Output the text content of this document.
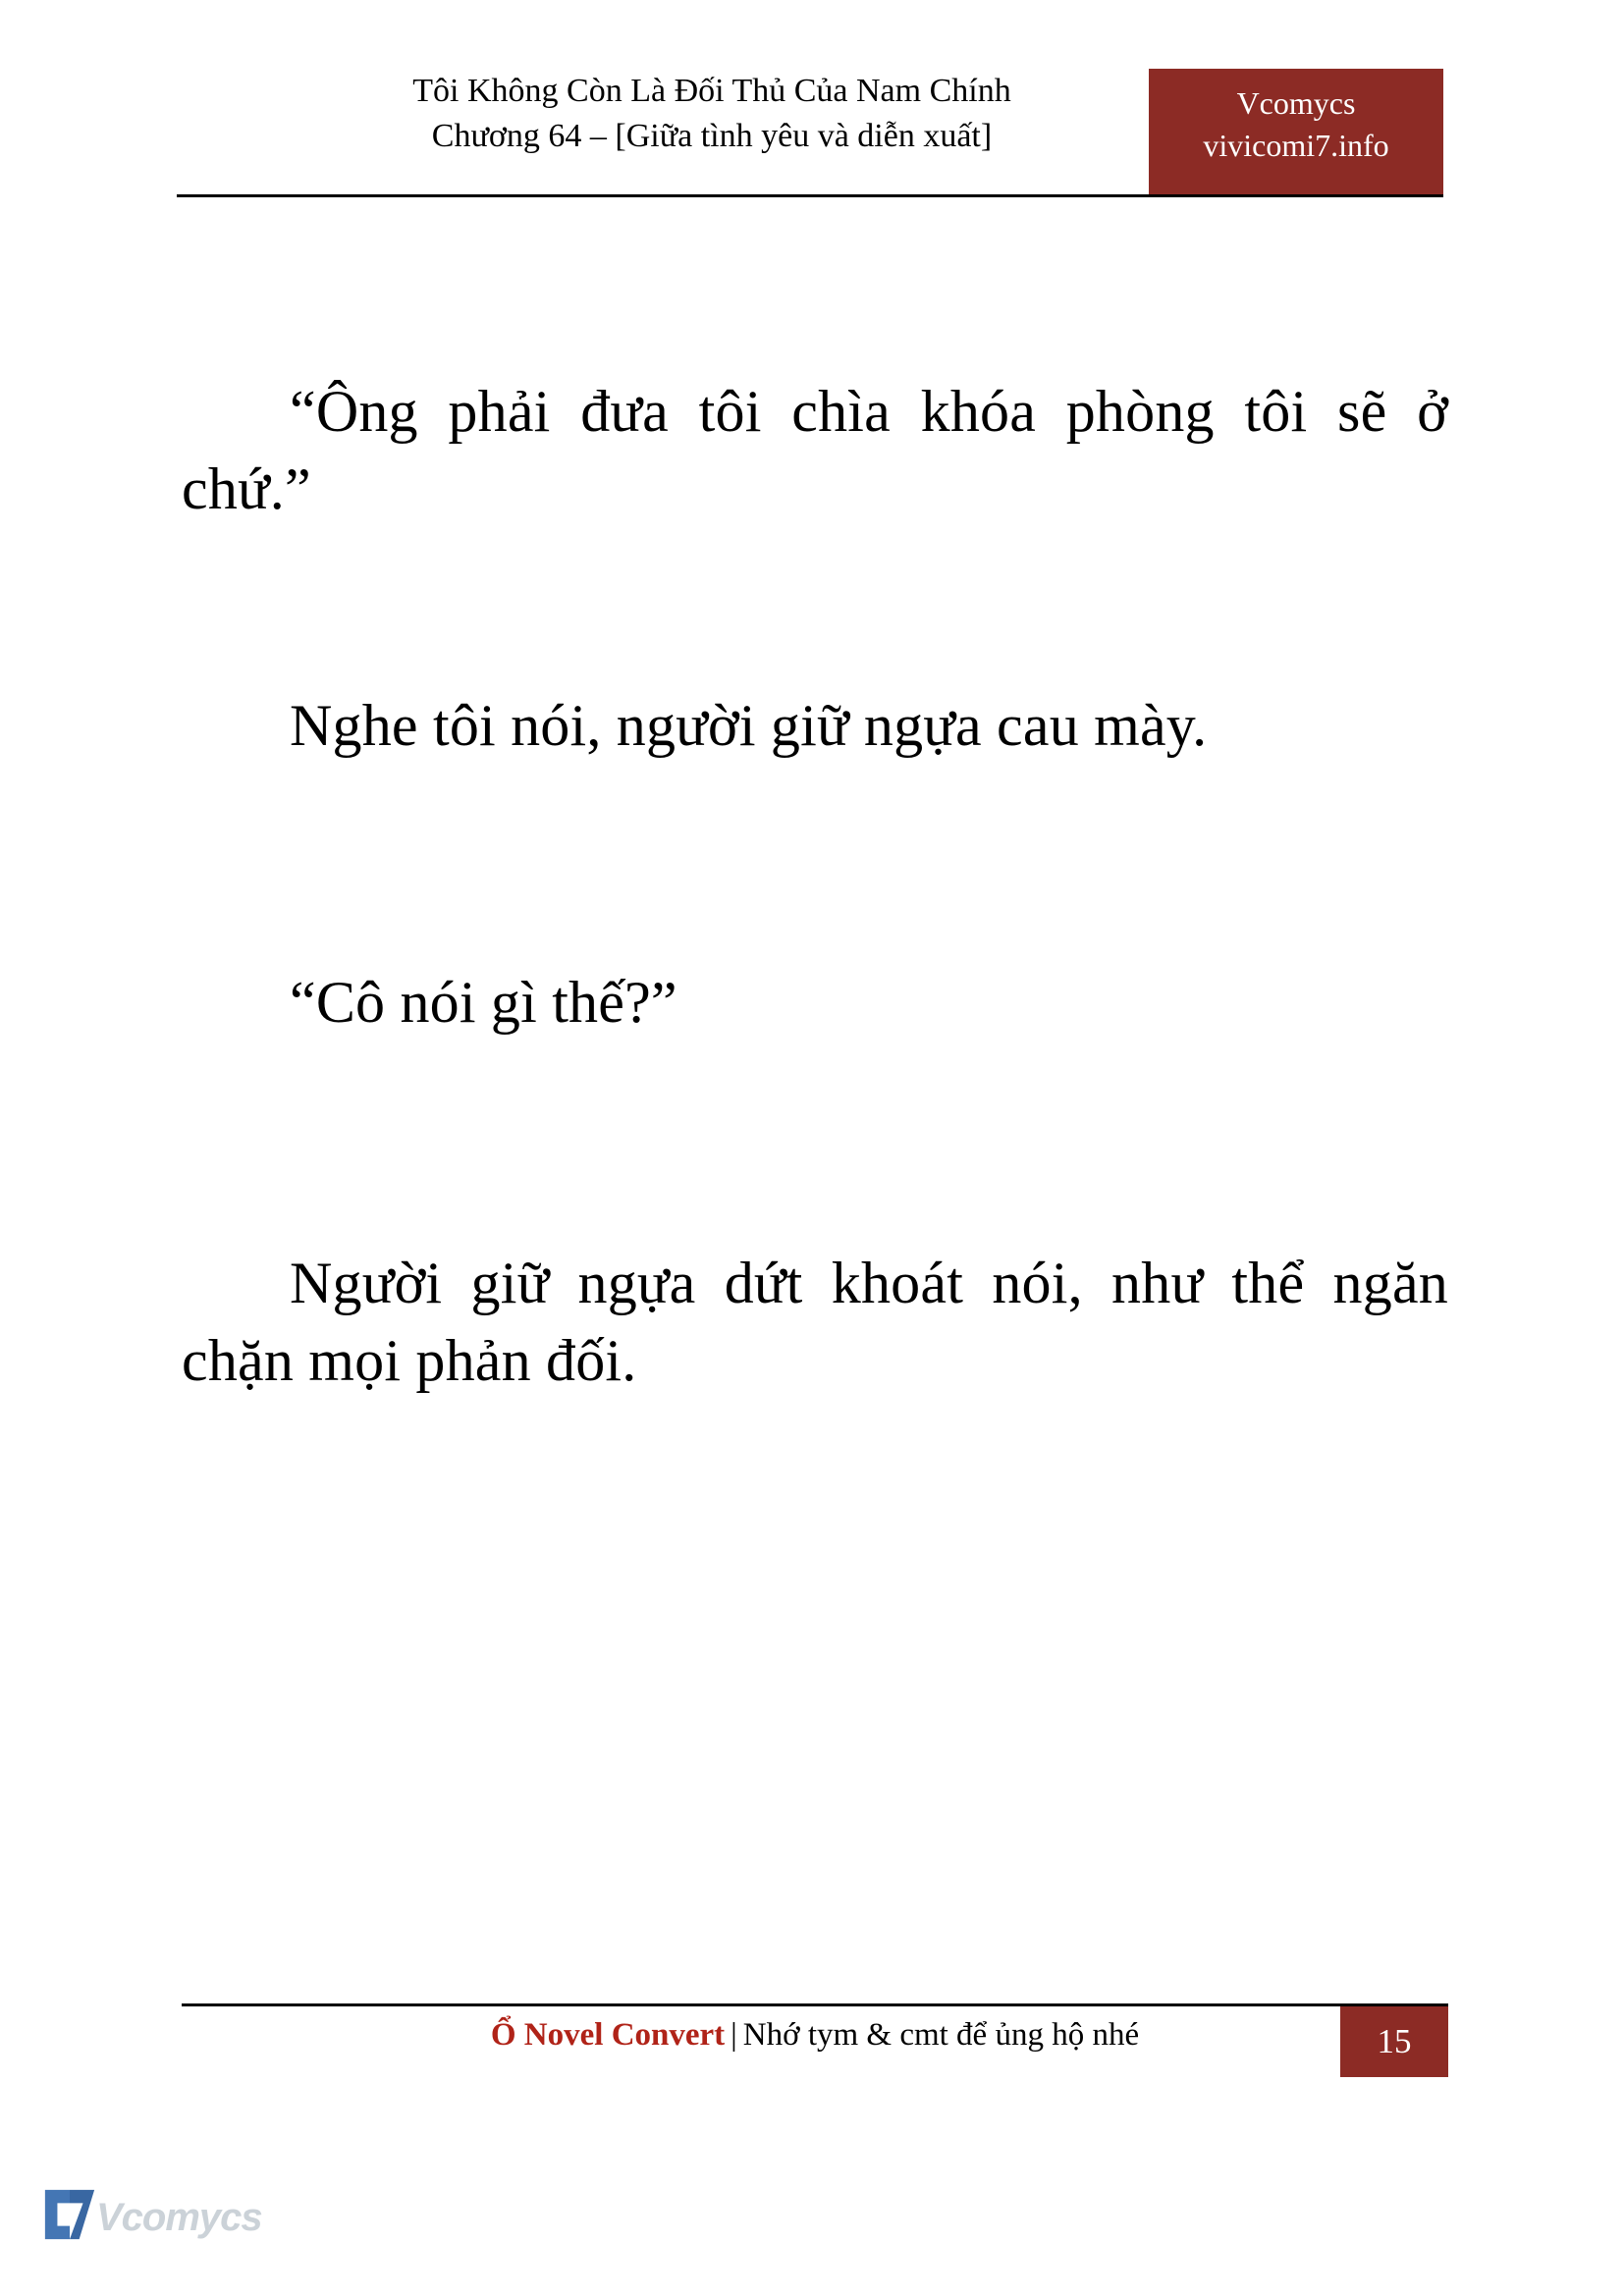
Tôi Không Còn Là Đối Thủ Của Nam Chính
Chương 64 – [Giữa tình yêu và diễn xuất]
Vcomycs
vivicomi7.info

“Ông phải đưa tôi chìa khóa phòng tôi sẽ ở chứ.”

Nghe tôi nói, người giữ ngựa cau mày.

“Cô nói gì thế?”

Người giữ ngựa dứt khoát nói, như thể ngăn chặn mọi phản đối.

Ổ Novel Convert | Nhớ tym & cmt để ủng hộ nhé	15
Vcomycs
